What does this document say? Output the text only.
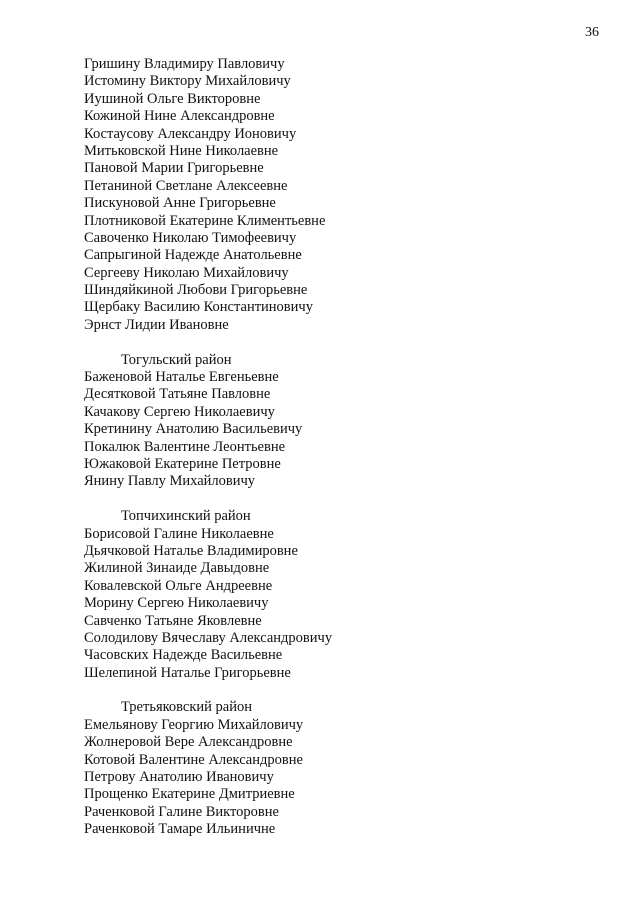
36
Гришину Владимиру Павловичу
Истомину Виктору Михайловичу
Иушиной Ольге Викторовне
Кожиной Нине Александровне
Костаусову Александру Ионовичу
Митьковской Нине Николаевне
Пановой Марии Григорьевне
Петаниной Светлане Алексеевне
Пискуновой Анне Григорьевне
Плотниковой Екатерине Климентьевне
Савоченко Николаю Тимофеевичу
Сапрыгиной Надежде Анатольевне
Сергееву Николаю Михайловичу
Шиндяйкиной Любови Григорьевне
Щербаку Василию Константиновичу
Эрнст Лидии Ивановне
Тогульский район
Баженовой Наталье Евгеньевне
Десятковой Татьяне Павловне
Качакову Сергею Николаевичу
Кретинину Анатолию Васильевичу
Покалюк Валентине Леонтьевне
Южаковой Екатерине Петровне
Янину Павлу Михайловичу
Топчихинский район
Борисовой Галине Николаевне
Дьячковой Наталье Владимировне
Жилиной Зинаиде Давыдовне
Ковалевской Ольге Андреевне
Морину Сергею Николаевичу
Савченко Татьяне Яковлевне
Солодилову Вячеславу Александровичу
Часовских Надежде Васильевне
Шелепиной Наталье Григорьевне
Третьяковский район
Емельянову Георгию Михайловичу
Жолнеровой Вере Александровне
Котовой Валентине Александровне
Петрову Анатолию Ивановичу
Прощенко Екатерине Дмитриевне
Раченковой Галине Викторовне
Раченковой Тамаре Ильиничне
